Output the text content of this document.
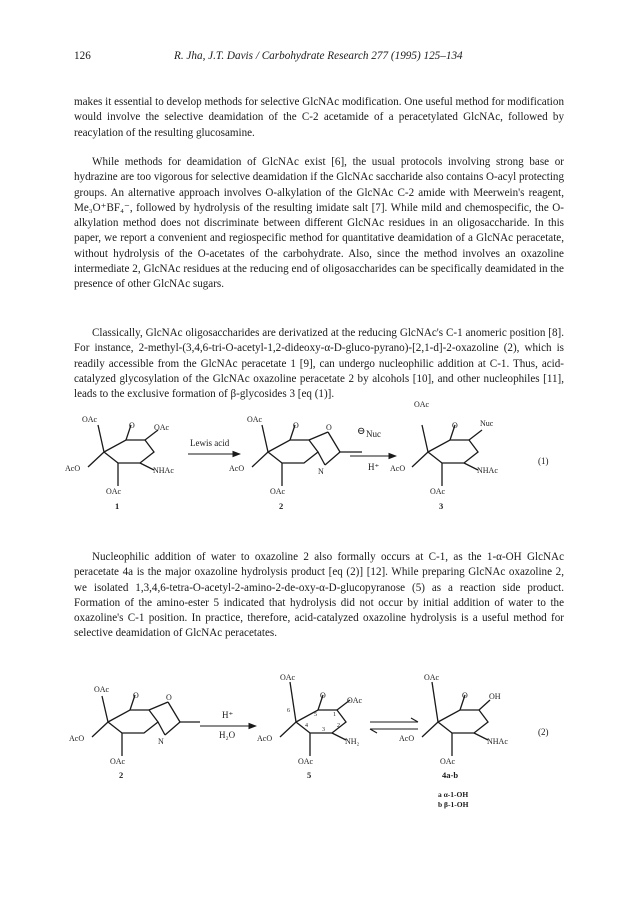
126	R. Jha, J.T. Davis / Carbohydrate Research 277 (1995) 125–134

makes it essential to develop methods for selective GlcNAc modification. One useful method for modification would involve the selective deamidation of the C-2 acetamide of a peracetylated GlcNAc, followed by reacylation of the resulting glucosamine.

While methods for deamidation of GlcNAc exist [6], the usual protocols involving strong base or hydrazine are too vigorous for selective deamidation if the GlcNAc saccharide also contains O-acyl protecting groups. An alternative approach involves O-alkylation of the GlcNAc C-2 amide with Meerwein's reagent, Me₃O⁺BF₄⁻, followed by hydrolysis of the resulting imidate salt [7]. While mild and chemospecific, the O-alkylation method does not discriminate between different GlcNAc residues in an oligosaccharide. In this paper, we report a convenient and regiospecific method for quantitative deamidation of a GlcNAc peracetate, without hydrolysis of the O-acetates of the carbohydrate. Also, since the method involves an oxazoline intermediate 2, GlcNAc residues at the reducing end of oligosaccharides can be specifically deamidated in the presence of other GlcNAc sugars.

Classically, GlcNAc oligosaccharides are derivatized at the reducing GlcNAc's C-1 anomeric position [8]. For instance, 2-methyl-(3,4,6-tri-O-acetyl-1,2-dideoxy-α-D-gluco-pyrano)-[2,1-d]-2-oxazoline (2), which is readily accessible from the GlcNAc peracetate 1 [9], can undergo nucleophilic addition at C-1. Thus, acid-catalyzed glycosylation of the GlcNAc oxazoline peracetate 2 by alcohols [10], and other nucleophiles [11], leads to the exclusive formation of β-glycosides 3 [eq (1)].

Nucleophilic addition of water to oxazoline 2 also formally occurs at C-1, as the 1-α-OH GlcNAc peracetate 4a is the major oxazoline hydrolysis product [eq (2)] [12]. While preparing GlcNAc oxazoline 2, we isolated 1,3,4,6-tetra-O-acetyl-2-amino-2-de-oxy-α-D-glucopyranose (5) as a reaction side product. Formation of the amino-ester 5 indicated that hydrolysis did not occur by initial addition of water to the oxazoline's C-1 position. In practice, therefore, acid-catalyzed oxazoline hydrolysis is a useful method for selective deamidation of GlcNAc peracetates.

OAc
O OAc
AcO	NHAc
OAc
1
Lewis acid
OAc
O	O
AcO	N
OAc
2
⊖ Nuc
H⁺
OAc
O	Nuc
AcO	NHAc
OAc
3
(1)
OAc
O	O
AcO	N
OAc
2
H⁺
H₂O
OAc
O
OAc
AcO	NH₂
OAc
5
6
5	1
2
3
4
OAc
O	OH
AcO	NHAc
OAc
4a-b
a α-1-OH
b β-1-OH
(2)
